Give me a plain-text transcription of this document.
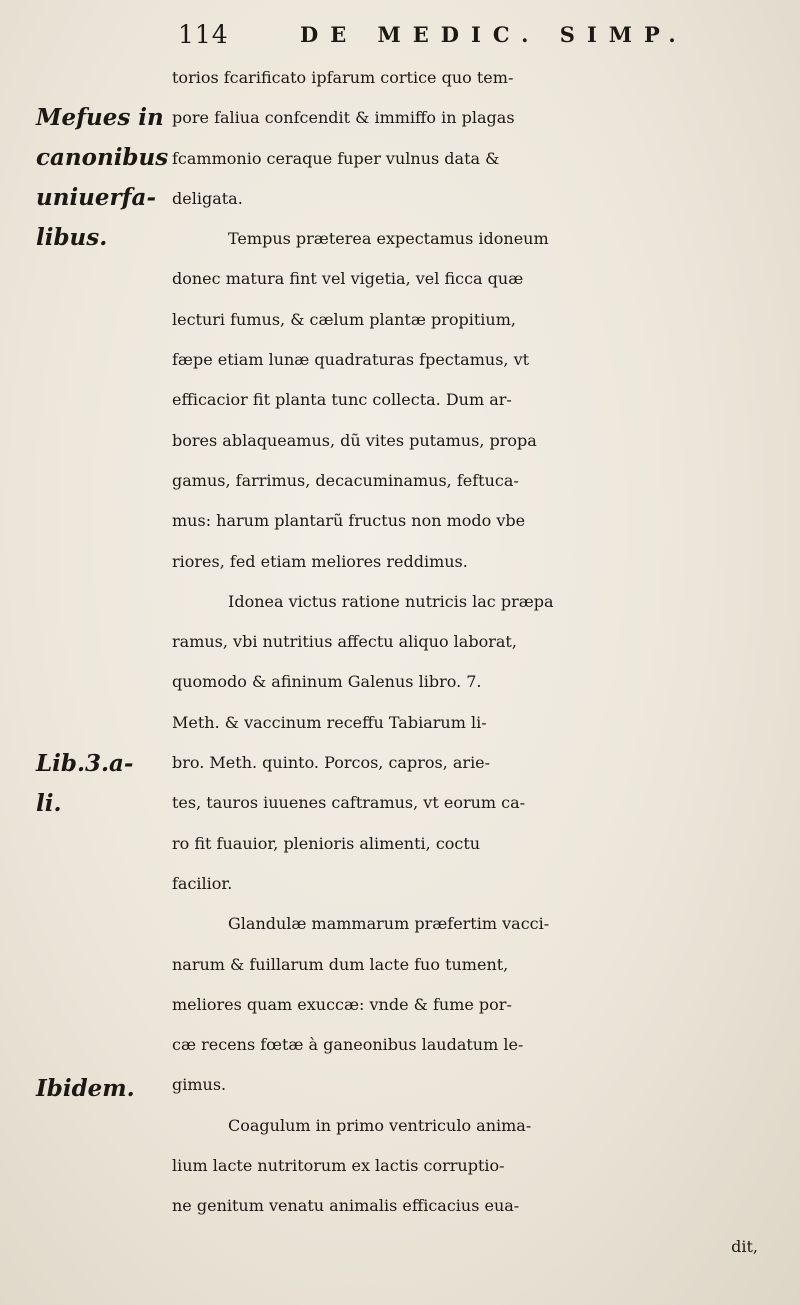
114	DE MEDIC. SIMP.
Mefues in
canonibus
uniuerfa-
libus.
Lib.3.a-
li.
Ibidem.
torios fcarificato ipfarum cortice quo tem-
pore faliua confcendit & immiffo in plagas
fcammonio ceraque fuper vulnus data &
deligata.
Tempus præterea expectamus idoneum
donec matura fint vel vigetia, vel ficca quæ
lecturi fumus, & cælum plantæ propitium,
fæpe etiam lunæ quadraturas fpectamus, vt
efficacior fit planta tunc collecta. Dum ar-
bores ablaqueamus, dũ vites putamus, propa
gamus, farrimus, decacuminamus, feftuca-
mus: harum plantarũ fructus non modo vbe
riores, fed etiam meliores reddimus.
Idonea victus ratione nutricis lac præpa
ramus, vbi nutritius affectu aliquo laborat,
quomodo & afininum Galenus libro. 7.
Meth. & vaccinum receffu Tabiarum li-
bro. Meth. quinto. Porcos, capros, arie-
tes, tauros iuuenes caftramus, vt eorum ca-
ro fit fuauior, plenioris alimenti, coctu
facilior.
Glandulæ mammarum præfertim vacci-
narum & fuillarum dum lacte fuo tument,
meliores quam exuccæ: vnde & fume por-
cæ recens fœtæ à ganeonibus laudatum le-
gimus.
Coagulum in primo ventriculo anima-
lium lacte nutritorum ex lactis corruptio-
ne genitum venatu animalis efficacius eua-
dit,
